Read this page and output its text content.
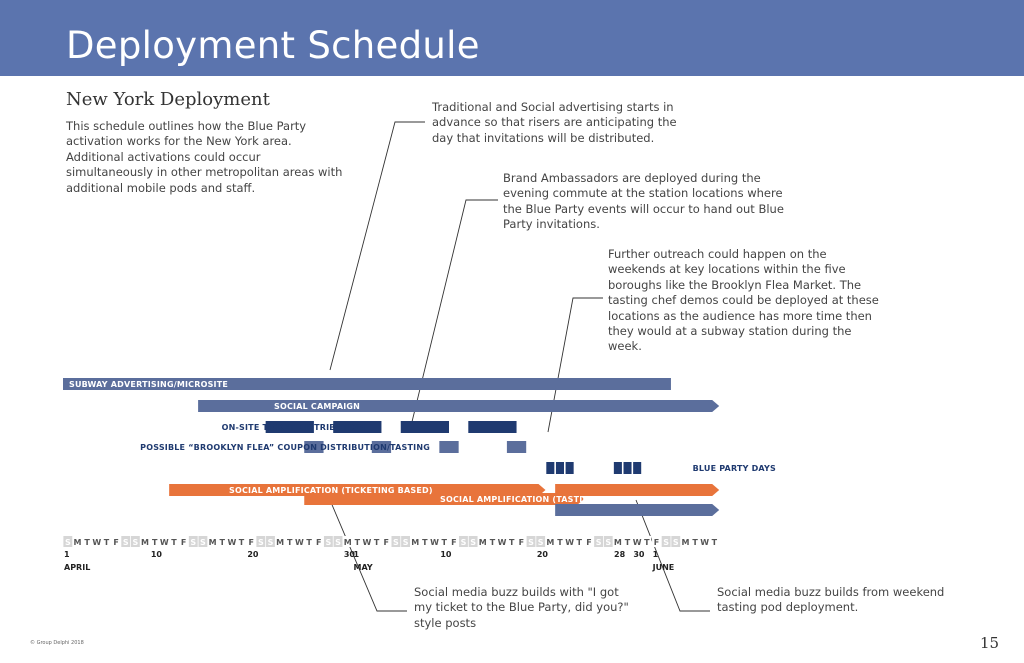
Deployment Schedule
New York Deployment
This schedule outlines how the Blue Party activation works for the New York area. Additional activations could occur simultaneously in other metropolitan areas with additional mobile pods and staff.
Traditional and Social advertising starts in advance so that risers are anticipating the day that invitations will be distributed.
Brand Ambassadors are deployed during the evening commute at the station locations where the Blue Party events will occur to hand out Blue Party invitations.
Further outreach could happen on the weekends at key locations within the five boroughs like the Brooklyn Flea Market. The tasting chef demos could be deployed at these locations as the audience has more time then they would at a subway station during the week.
Social media buzz builds with "I got my ticket to the Blue Party, did you?" style posts
Social media buzz builds from weekend tasting pod deployment.
S M T W T F S S M T W T F S S M T W T F S S M T W T F S S M T W T F S S M T W T F S S M T W T F S S M T W T F S S M T W T F S S M T W T
1	10	20	30
1	10	20	28 30 1
APRIL	MAY	JUNE
SUBWAY ADVERTISING/MICROSITE
SOCIAL CAMPAIGN
ON-SITE TICKET DISTRIBUTION
POSSIBLE “BROOKLYN FLEA” COUPON DISTRIBUTION/TASTING
BLUE PARTY DAYS
SOCIAL AMPLIFICATION (TICKETING BASED)
SOCIAL AMPLIFICATION (TASTING BASED)
SOCIAL AMPLIFICATION (EVENT BASED)
ORDER FUFILLMENT
© Group Delphi 2018	15
